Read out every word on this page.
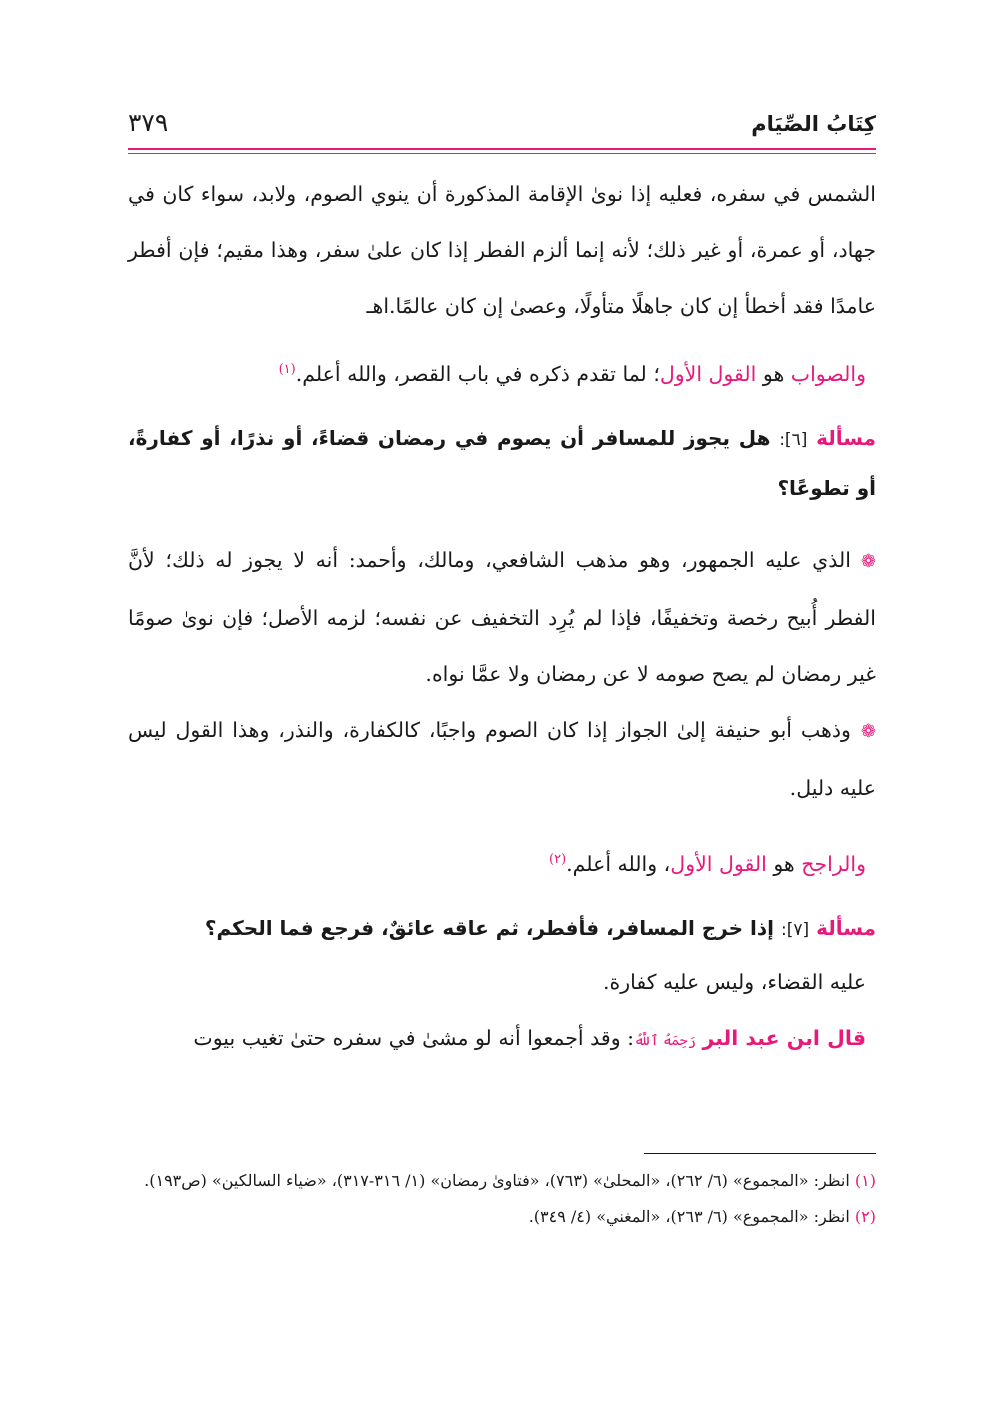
كِتَابُ الصِّيَام
٣٧٩

الشمس في سفره، فعليه إذا نوىٰ الإقامة المذكورة أن ينوي الصوم، ولابد، سواء كان في جهاد، أو عمرة، أو غير ذلك؛ لأنه إنما ألزم الفطر إذا كان علىٰ سفر، وهذا مقيم؛ فإن أفطر عامدًا فقد أخطأ إن كان جاهلًا متأولًا، وعصىٰ إن كان عالمًا.اهـ

والصواب هو القول الأول؛ لما تقدم ذكره في باب القصر، والله أعلم.$^{(١)}$

مسألة [٦]: هل يجوز للمسافر أن يصوم في رمضان قضاءً، أو نذرًا، أو كفارةً، أو تطوعًا؟

❁الذي عليه الجمهور، وهو مذهب الشافعي، ومالك، وأحمد: أنه لا يجوز له ذلك؛ لأنَّ الفطر أُبيح رخصة وتخفيفًا، فإذا لم يُرِد التخفيف عن نفسه؛ لزمه الأصل؛ فإن نوىٰ صومًا غير رمضان لم يصح صومه لا عن رمضان ولا عمَّا نواه.

❁وذهب أبو حنيفة إلىٰ الجواز إذا كان الصوم واجبًا، كالكفارة، والنذر، وهذا القول ليس عليه دليل.

والراجح هو القول الأول، والله أعلم.$^{(٢)}$

مسألة [٧]: إذا خرج المسافر، فأفطر، ثم عاقه عائقٌ، فرجع فما الحكم؟

عليه القضاء، وليس عليه كفارة.

قال ابن عبد البر رَحِمَهُ ٱللَّهُ: وقد أجمعوا أنه لو مشىٰ في سفره حتىٰ تغيب بيوت

(١) انظر: «المجموع» (٦/ ٢٦٢)، «المحلىٰ» (٧٦٣)، «فتاوىٰ رمضان» (١/ ٣١٦-٣١٧)، «ضياء السالكين» (ص١٩٣).

(٢) انظر: «المجموع» (٦/ ٢٦٣)، «المغني» (٤/ ٣٤٩).
